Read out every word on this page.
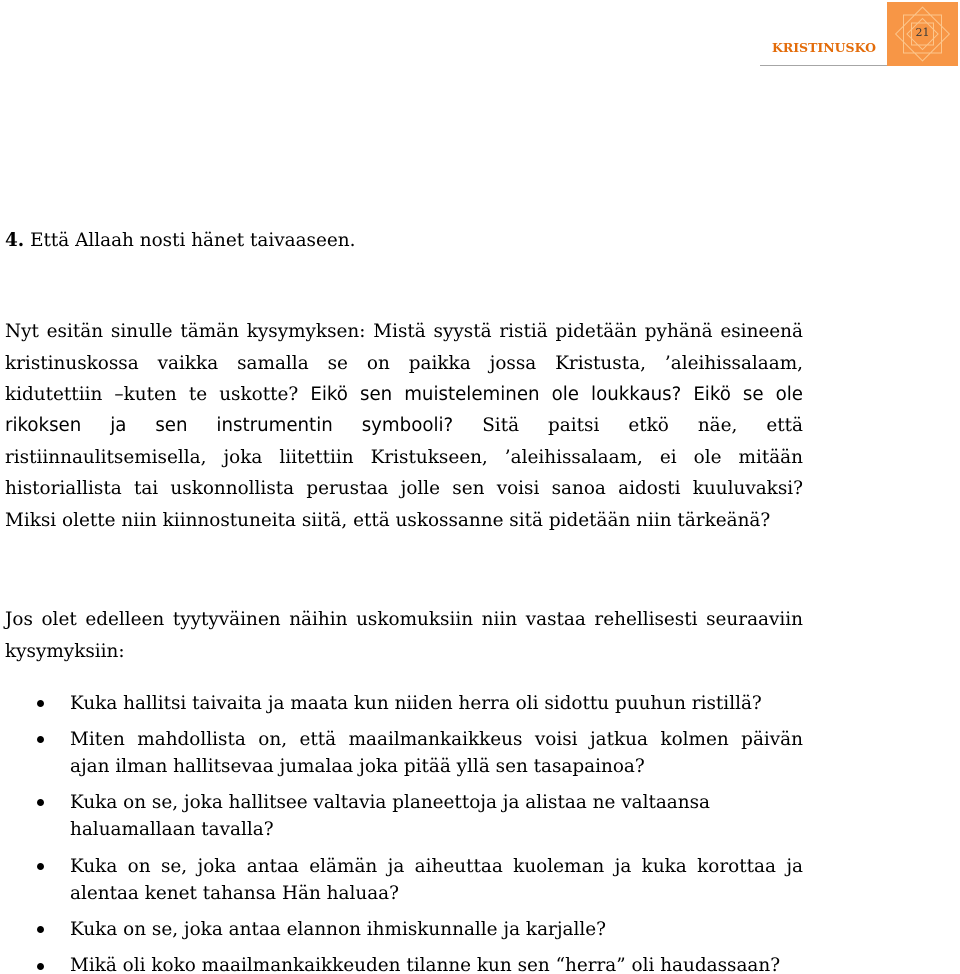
KRISTINUSKO
21
4. Että Allaah nosti hänet taivaaseen.
Nyt esitän sinulle tämän kysymyksen: Mistä syystä ristiä pidetään pyhänä esineenä
kristinuskossa vaikka samalla se on paikka jossa Kristusta, ’aleihissalaam,
kidutettiin –kuten te uskotte? Eikö sen muisteleminen ole loukkaus? Eikö se ole
rikoksen ja sen instrumentin symbooli? Sitä paitsi etkö näe, että
ristiinnaulitsemisella, joka liitettiin Kristukseen, ’aleihissalaam, ei ole mitään
historiallista tai uskonnollista perustaa jolle sen voisi sanoa aidosti kuuluvaksi?
Miksi olette niin kiinnostuneita siitä, että uskossanne sitä pidetään niin tärkeänä?
Jos olet edelleen tyytyväinen näihin uskomuksiin niin vastaa rehellisesti seuraaviin
kysymyksiin:
Kuka hallitsi taivaita ja maata kun niiden herra oli sidottu puuhun ristillä?
Miten mahdollista on, että maailmankaikkeus voisi jatkua kolmen päivän
ajan ilman hallitsevaa jumalaa joka pitää yllä sen tasapainoa?
Kuka on se, joka hallitsee valtavia planeettoja ja alistaa ne valtaansa
haluamallaan tavalla?
Kuka on se, joka antaa elämän ja aiheuttaa kuoleman ja kuka korottaa ja
alentaa kenet tahansa Hän haluaa?
Kuka on se, joka antaa elannon ihmiskunnalle ja karjalle?
Mikä oli koko maailmankaikkeuden tilanne kun sen “herra” oli haudassaan?
